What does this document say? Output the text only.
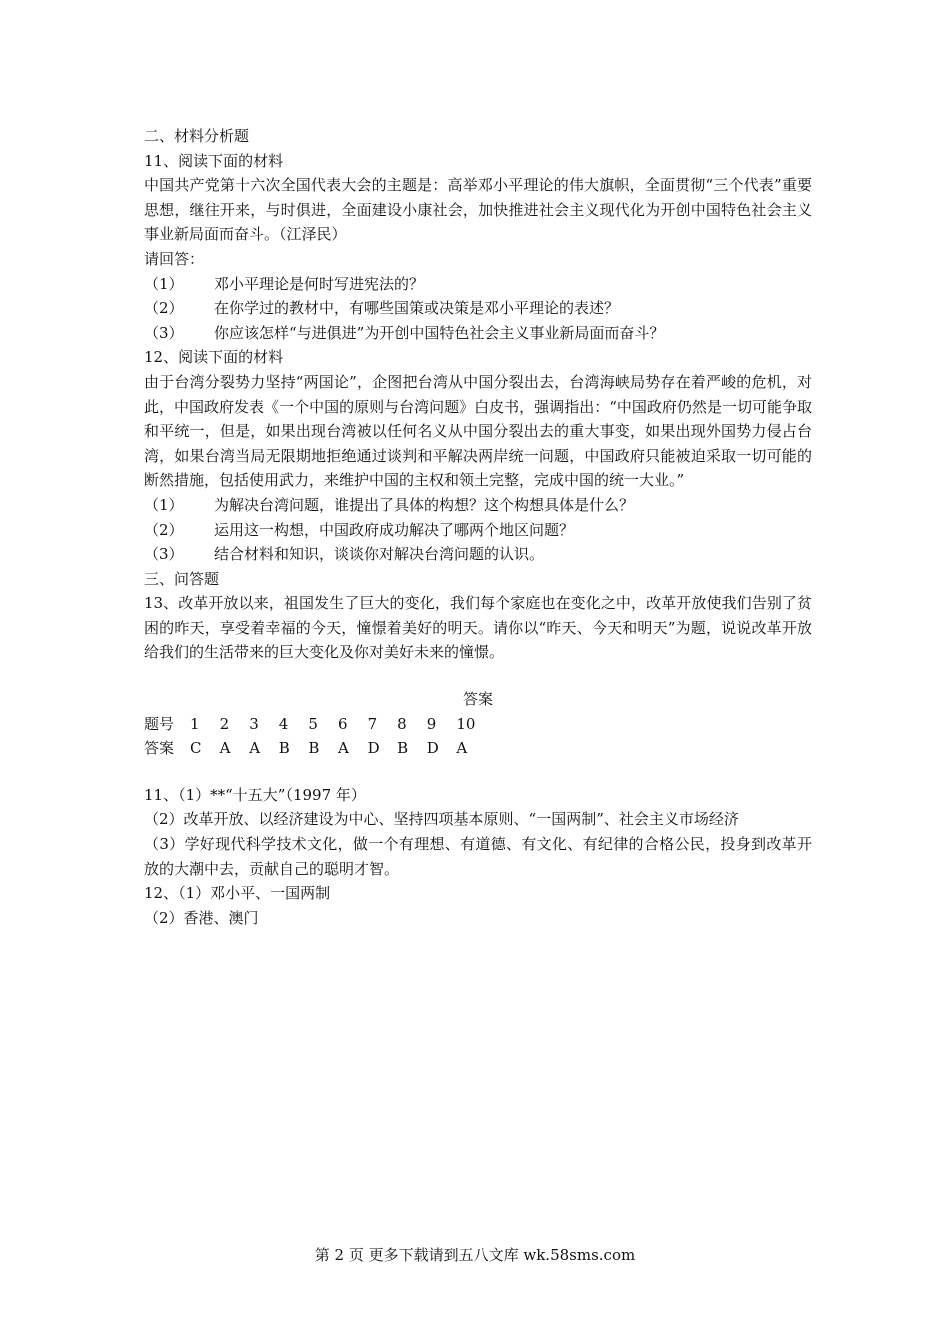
二、材料分析题
11、阅读下面的材料
中国共产党第十六次全国代表大会的主题是：高举邓小平理论的伟大旗帜，全面贯彻“三个代表”重要思想，继往开来，与时俱进，全面建设小康社会，加快推进社会主义现代化为开创中国特色社会主义事业新局面而奋斗。（江泽民）
请回答：
（1） 邓小平理论是何时写进宪法的？
（2） 在你学过的教材中，有哪些国策或决策是邓小平理论的表述？
（3） 你应该怎样“与进俱进”为开创中国特色社会主义事业新局面而奋斗？
12、阅读下面的材料
由于台湾分裂势力坚持“两国论”，企图把台湾从中国分裂出去，台湾海峡局势存在着严峻的危机，对此，中国政府发表《一个中国的原则与台湾问题》白皮书，强调指出：“中国政府仍然是一切可能争取和平统一，但是，如果出现台湾被以任何名义从中国分裂出去的重大事变，如果出现外国势力侵占台湾，如果台湾当局无限期地拒绝通过谈判和平解决两岸统一问题，中国政府只能被迫采取一切可能的断然措施，包括使用武力，来维护中国的主权和领土完整，完成中国的统一大业。”
（1） 为解决台湾问题，谁提出了具体的构想？这个构想具体是什么？
（2） 运用这一构想，中国政府成功解决了哪两个地区问题？
（3） 结合材料和知识，谈谈你对解决台湾问题的认识。
三、问答题
13、改革开放以来，祖国发生了巨大的变化，我们每个家庭也在变化之中，改革开放使我们告别了贫困的昨天，享受着幸福的今天，憧憬着美好的明天。请你以“昨天、今天和明天”为题，说说改革开放给我们的生活带来的巨大变化及你对美好未来的憧憬。
答案
题号 1 2 3 4 5 6 7 8 9 10
答案 C A A B B A D B D A
11、（1）**“十五大”（1997 年）
（2）改革开放、以经济建设为中心、坚持四项基本原则、“一国两制”、社会主义市场经济
（3）学好现代科学技术文化，做一个有理想、有道德、有文化、有纪律的合格公民，投身到改革开放的大潮中去，贡献自己的聪明才智。
12、（1）邓小平、一国两制
（2）香港、澳门
第 2 页 更多下载请到五八文库 wk.58sms.com
